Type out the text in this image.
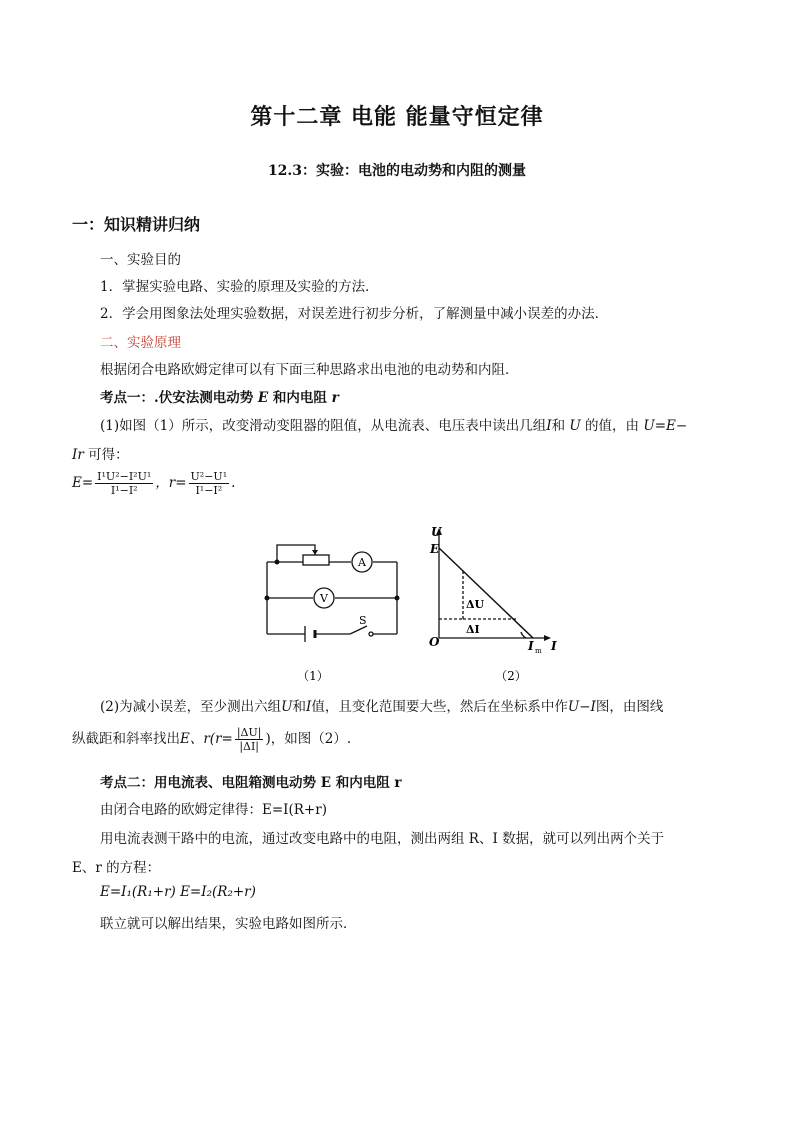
第十二章 电能 能量守恒定律
12.3：实验：电池的电动势和内阻的测量
一：知识精讲归纳
一、实验目的
1．掌握实验电路、实验的原理及实验的方法．
2．学会用图象法处理实验数据，对误差进行初步分析，了解测量中减小误差的办法．
二、实验原理
根据闭合电路欧姆定律可以有下面三种思路求出电池的电动势和内阻．
考点一：.伏安法测电动势 E 和内电阻 r
(1)如图（1）所示，改变滑动变阻器的阻值，从电流表、电压表中读出几组I和 U 的值，由 U=E−
Ir 可得：
$E= \frac{\text{I¹U²−I²U¹}}{\text{I¹−I²}}$ ，$r= \frac{\text{U²−U¹}}{\text{I¹−I²}}$ .
A
V
S
（1）
U
E
O	I
I m
ΔU
ΔI
（2）
(2)为减小误差，至少测出六组U和I值，且变化范围要大些，然后在坐标系中作U−I图，由图线
纵截距和斜率找出E、$r(r= \frac{|\Delta U|}{|\Delta I|}$ )，如图（2）.
考点二：用电流表、电阻箱测电动势 E 和内电阻 r
由闭合电路的欧姆定律得：E=I(R+r)
用电流表测干路中的电流，通过改变电路中的电阻，测出两组 R、I 数据，就可以列出两个关于
E、r 的方程：
E=I₁(R₁+r) E=I₂(R₂+r)
联立就可以解出结果，实验电路如图所示．
